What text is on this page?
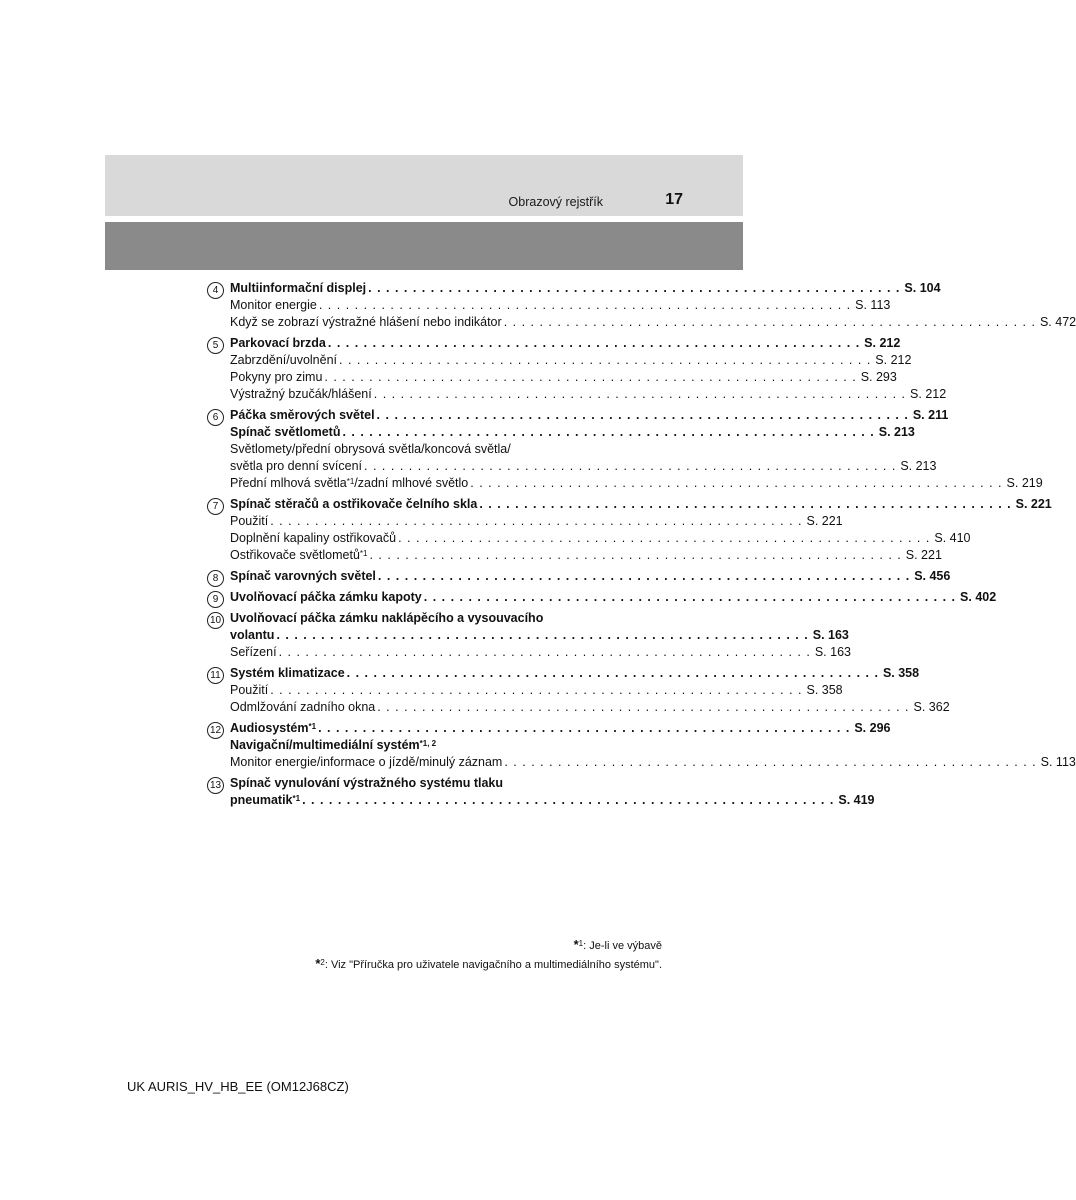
Obrazový rejstřík	17
4 Multiinformační displej . . . . . . . . . . . . . . . . . . . . . . . . . . . . . . . . . . . . . . . . . . . . . . . . . . . . . . . . . . . . S. 104
Monitor energie . . . . . . . . . . . . . . . . . . . . . . . . . . . . . . . . . . . . . . . . . . . . . . . . . . . . . . . . . . . . S. 113
Když se zobrazí výstražné hlášení nebo indikátor . . . . . . . . . . . . . . . . . . . . . . . . . . . . . . . . . . . . . . . . . . . . . . . . . . . . . . . . . . . . S. 472
5 Parkovací brzda . . . . . . . . . . . . . . . . . . . . . . . . . . . . . . . . . . . . . . . . . . . . . . . . . . . . . . . . . . . . S. 212
Zabrzdění/uvolnění . . . . . . . . . . . . . . . . . . . . . . . . . . . . . . . . . . . . . . . . . . . . . . . . . . . . . . . . . . . . S. 212
Pokyny pro zimu . . . . . . . . . . . . . . . . . . . . . . . . . . . . . . . . . . . . . . . . . . . . . . . . . . . . . . . . . . . . S. 293
Výstražný bzučák/hlášení . . . . . . . . . . . . . . . . . . . . . . . . . . . . . . . . . . . . . . . . . . . . . . . . . . . . . . . . . . . . S. 212
6 Páčka směrových světel . . . . . . . . . . . . . . . . . . . . . . . . . . . . . . . . . . . . . . . . . . . . . . . . . . . . . . . . . . . . S. 211
Spínač světlometů . . . . . . . . . . . . . . . . . . . . . . . . . . . . . . . . . . . . . . . . . . . . . . . . . . . . . . . . . . . . S. 213
Světlomety/přední obrysová světla/koncová světla/
světla pro denní svícení . . . . . . . . . . . . . . . . . . . . . . . . . . . . . . . . . . . . . . . . . . . . . . . . . . . . . . . . . . . . S. 213
Přední mlhová světla$^{*1}$/zadní mlhové světlo . . . . . . . . . . . . . . . . . . . . . . . . . . . . . . . . . . . . . . . . . . . . . . . . . . . . . . . . . . . . S. 219
7 Spínač stěračů a ostřikovače čelního skla . . . . . . . . . . . . . . . . . . . . . . . . . . . . . . . . . . . . . . . . . . . . . . . . . . . . . . . . . . . . S. 221
Použití . . . . . . . . . . . . . . . . . . . . . . . . . . . . . . . . . . . . . . . . . . . . . . . . . . . . . . . . . . . . S. 221
Doplnění kapaliny ostřikovačů . . . . . . . . . . . . . . . . . . . . . . . . . . . . . . . . . . . . . . . . . . . . . . . . . . . . . . . . . . . . S. 410
Ostřikovače světlometů$^{*1}$ . . . . . . . . . . . . . . . . . . . . . . . . . . . . . . . . . . . . . . . . . . . . . . . . . . . . . . . . . . . . S. 221
8 Spínač varovných světel . . . . . . . . . . . . . . . . . . . . . . . . . . . . . . . . . . . . . . . . . . . . . . . . . . . . . . . . . . . . S. 456
9 Uvolňovací páčka zámku kapoty . . . . . . . . . . . . . . . . . . . . . . . . . . . . . . . . . . . . . . . . . . . . . . . . . . . . . . . . . . . . S. 402
10 Uvolňovací páčka zámku naklápěcího a vysouvacího
volantu . . . . . . . . . . . . . . . . . . . . . . . . . . . . . . . . . . . . . . . . . . . . . . . . . . . . . . . . . . . . S. 163
Seřízení . . . . . . . . . . . . . . . . . . . . . . . . . . . . . . . . . . . . . . . . . . . . . . . . . . . . . . . . . . . . S. 163
11 Systém klimatizace . . . . . . . . . . . . . . . . . . . . . . . . . . . . . . . . . . . . . . . . . . . . . . . . . . . . . . . . . . . . S. 358
Použití . . . . . . . . . . . . . . . . . . . . . . . . . . . . . . . . . . . . . . . . . . . . . . . . . . . . . . . . . . . . S. 358
Odmlžování zadního okna . . . . . . . . . . . . . . . . . . . . . . . . . . . . . . . . . . . . . . . . . . . . . . . . . . . . . . . . . . . . S. 362
12 Audiosystém$^{*1}$ . . . . . . . . . . . . . . . . . . . . . . . . . . . . . . . . . . . . . . . . . . . . . . . . . . . . . . . . . . . . S. 296
Navigační/multimediální systém$^{*1, 2}$
Monitor energie/informace o jízdě/minulý záznam . . . . . . . . . . . . . . . . . . . . . . . . . . . . . . . . . . . . . . . . . . . . . . . . . . . . . . . . . . . . S. 113
13 Spínač vynulování výstražného systému tlaku
pneumatik$^{*1}$ . . . . . . . . . . . . . . . . . . . . . . . . . . . . . . . . . . . . . . . . . . . . . . . . . . . . . . . . . . . . S. 419
*$^1$: Je-li ve výbavě
*$^2$: Viz "Příručka pro uživatele navigačního a multimediálního systému".
UK AURIS_HV_HB_EE (OM12J68CZ)
